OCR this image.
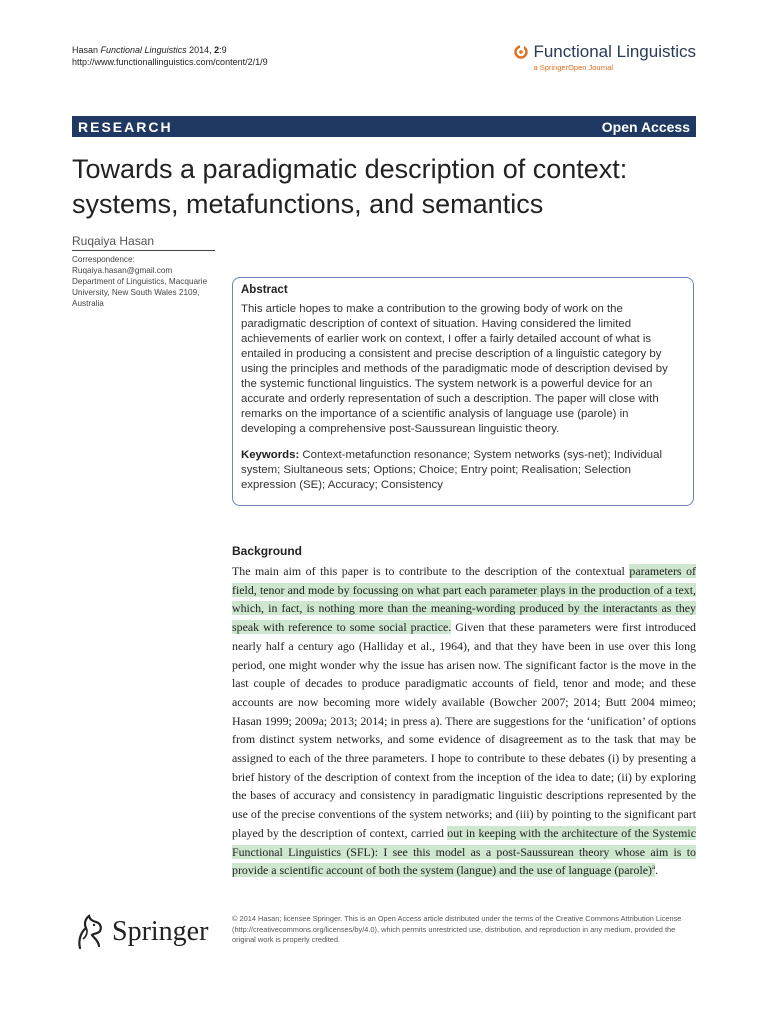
Hasan Functional Linguistics 2014, 2:9
http://www.functionallinguistics.com/content/2/1/9
Functional Linguistics
a SpringerOpen Journal
RESEARCH	Open Access
Towards a paradigmatic description of context: systems, metafunctions, and semantics
Ruqaiya Hasan
Correspondence:
Ruqaiya.hasan@gmail.com
Department of Linguistics, Macquarie University, New South Wales 2109, Australia
Abstract

This article hopes to make a contribution to the growing body of work on the paradigmatic description of context of situation. Having considered the limited achievements of earlier work on context, I offer a fairly detailed account of what is entailed in producing a consistent and precise description of a linguistic category by using the principles and methods of the paradigmatic mode of description devised by the systemic functional linguistics. The system network is a powerful device for an accurate and orderly representation of such a description. The paper will close with remarks on the importance of a scientific analysis of language use (parole) in developing a comprehensive post-Saussurean linguistic theory.

Keywords: Context-metafunction resonance; System networks (sys-net); Individual system; Siultaneous sets; Options; Choice; Entry point; Realisation; Selection expression (SE); Accuracy; Consistency

Background

The main aim of this paper is to contribute to the description of the contextual parameters of field, tenor and mode by focussing on what part each parameter plays in the production of a text, which, in fact, is nothing more than the meaning-wording produced by the interactants as they speak with reference to some social practice. Given that these parameters were first introduced nearly half a century ago (Halliday et al., 1964), and that they have been in use over this long period, one might wonder why the issue has arisen now. The significant factor is the move in the last couple of decades to produce paradigmatic accounts of field, tenor and mode; and these accounts are now becoming more widely available (Bowcher 2007; 2014; Butt 2004 mimeo; Hasan 1999; 2009a; 2013; 2014; in press a). There are suggestions for the ‘unification’ of options from distinct system networks, and some evidence of disagreement as to the task that may be assigned to each of the three parameters. I hope to contribute to these debates (i) by presenting a brief history of the description of context from the inception of the idea to date; (ii) by exploring the bases of accuracy and consistency in paradigmatic linguistic descriptions represented by the use of the precise conventions of the system networks; and (iii) by pointing to the significant part played by the description of context, carried out in keeping with the architecture of the Systemic Functional Linguistics (SFL): I see this model as a post-Saussurean theory whose aim is to provide a scientific account of both the system (langue) and the use of language (parole)$^a$.

Springer	© 2014 Hasan; licensee Springer. This is an Open Access article distributed under the terms of the Creative Commons Attribution License (http://creativecommons.org/licenses/by/4.0), which permits unrestricted use, distribution, and reproduction in any medium, provided the original work is properly credited.
